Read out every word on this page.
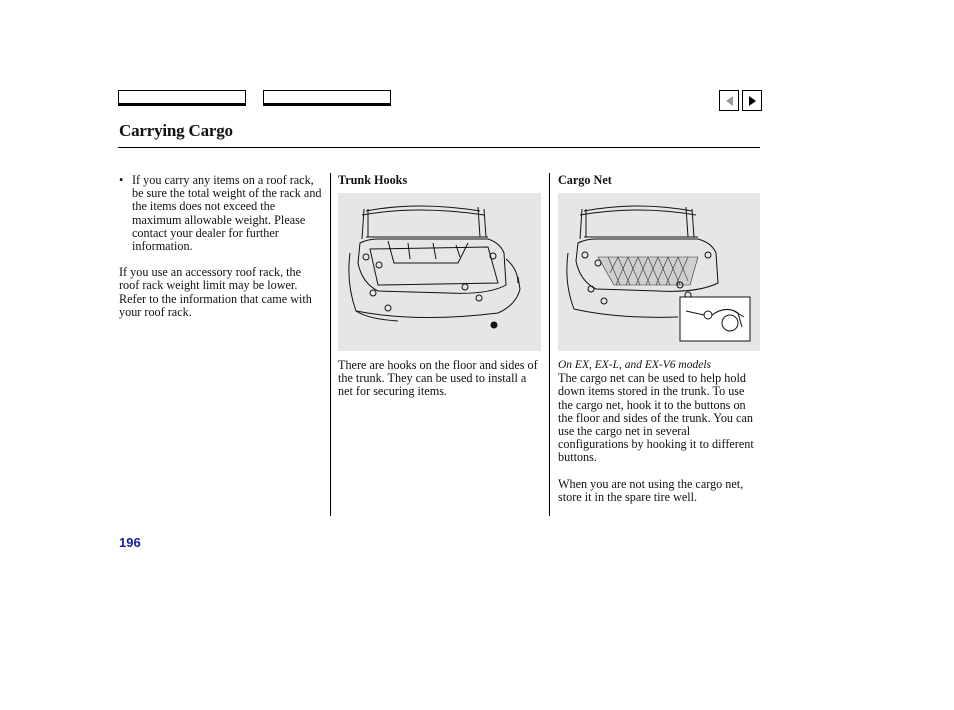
Carrying Cargo
• If you carry any items on a roof rack, be sure the total weight of the rack and the items does not exceed the maximum allowable weight. Please contact your dealer for further information.
If you use an accessory roof rack, the roof rack weight limit may be lower. Refer to the information that came with your roof rack.
Trunk Hooks
There are hooks on the floor and sides of the trunk. They can be used to install a net for securing items.
Cargo Net
On EX, EX-L, and EX-V6 models
The cargo net can be used to help hold down items stored in the trunk. To use the cargo net, hook it to the buttons on the floor and sides of the trunk. You can use the cargo net in several configurations by hooking it to different buttons.
When you are not using the cargo net, store it in the spare tire well.
196
